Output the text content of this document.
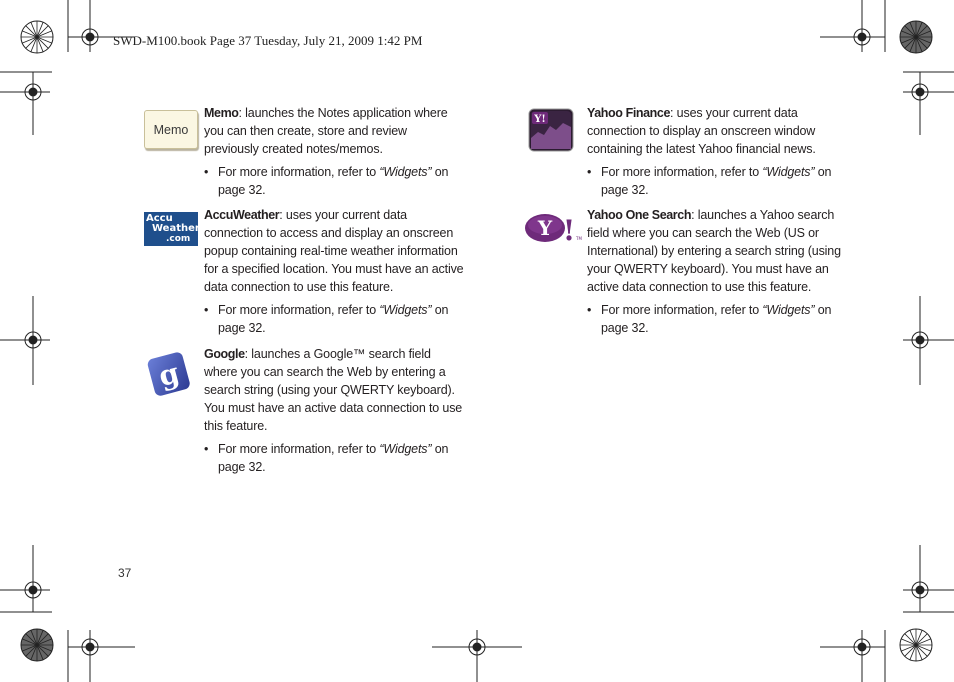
SWD-M100.book Page 37 Tuesday, July 21, 2009 1:42 PM
Memo
Memo: launches the Notes application where you can then create, store and review previously created notes/memos.
• For more information, refer to “Widgets” on page 32.
Accu
Weather
.com
AccuWeather: uses your current data connection to access and display an onscreen popup containing real-time weather information for a specified location. You must have an active data connection to use this feature.
• For more information, refer to “Widgets” on page 32.
g
Google: launches a Google™ search field where you can search the Web by entering a search string (using your QWERTY keyboard). You must have an active data connection to use this feature.
• For more information, refer to “Widgets” on page 32.
Y!	Yahoo Finance: uses your current data connection to display an onscreen window containing the latest Yahoo financial news.
• For more information, refer to “Widgets” on page 32.
Y ! TM
Yahoo One Search: launches a Yahoo search field where you can search the Web (US or International) by entering a search string (using your QWERTY keyboard). You must have an active data connection to use this feature.
• For more information, refer to “Widgets” on page 32.
37
